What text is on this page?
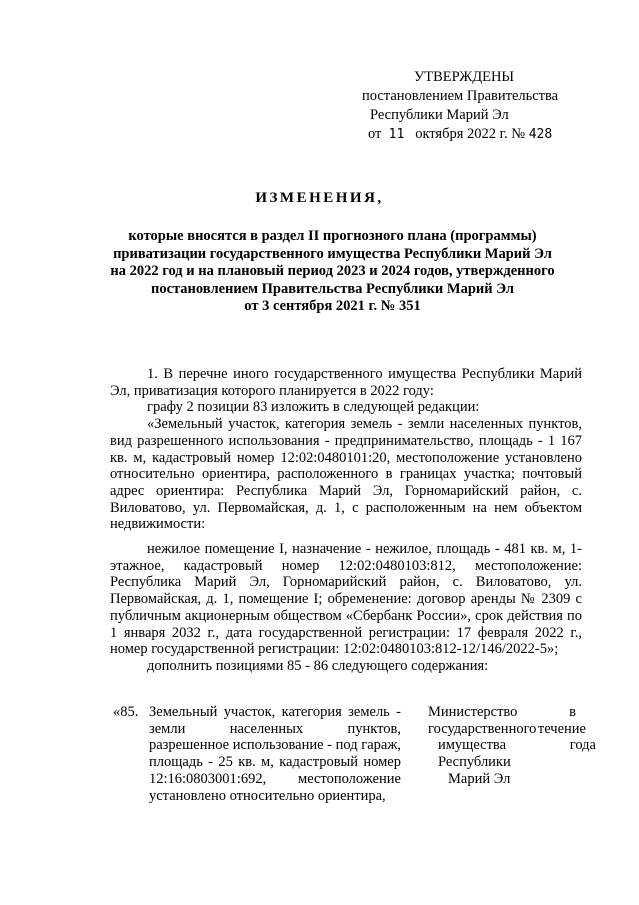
УТВЕРЖДЕНЫ
постановлением Правительства
Республики Марий Эл
от 11 октября 2022 г. № 428
ИЗМЕНЕНИЯ,
которые вносятся в раздел II прогнозного плана (программы)
приватизации государственного имущества Республики Марий Эл
на 2022 год и на плановый период 2023 и 2024 годов, утвержденного
постановлением Правительства Республики Марий Эл
от 3 сентября 2021 г. № 351

1. В перечне иного государственного имущества Республики Марий Эл, приватизация которого планируется в 2022 году:

графу 2 позиции 83 изложить в следующей редакции:

«Земельный участок, категория земель - земли населенных пунктов, вид разрешенного использования - предпринимательство, площадь - 1 167 кв. м, кадастровый номер 12:02:0480101:20, местоположение установлено относительно ориентира, расположенного в границах участка; почтовый адрес ориентира: Республика Марий Эл, Горномарийский район, с. Виловатово, ул. Первомайская, д. 1, с расположенным на нем объектом недвижимости:

нежилое помещение I, назначение - нежилое, площадь - 481 кв. м, 1-этажное, кадастровый номер 12:02:0480103:812, местоположение: Республика Марий Эл, Горномарийский район, с. Виловатово, ул. Первомайская, д. 1, помещение I; обременение: договор аренды № 2309 с публичным акционерным обществом «Сбербанк России», срок действия по 1 января 2032 г., дата государственной регистрации: 17 февраля 2022 г., номер государственной регистрации: 12:02:0480103:812-12/146/2022-5»;

дополнить позициями 85 - 86 следующего содержания:

«85. Земельный участок, категория земель - земли населенных пунктов, разрешенное использование - под гараж, площадь - 25 кв. м, кадастровый номер 12:16:0803001:692, местоположение установлено относительно ориентира,
Министерство	в
государственного течение
имущества	года
Республики
Марий Эл
